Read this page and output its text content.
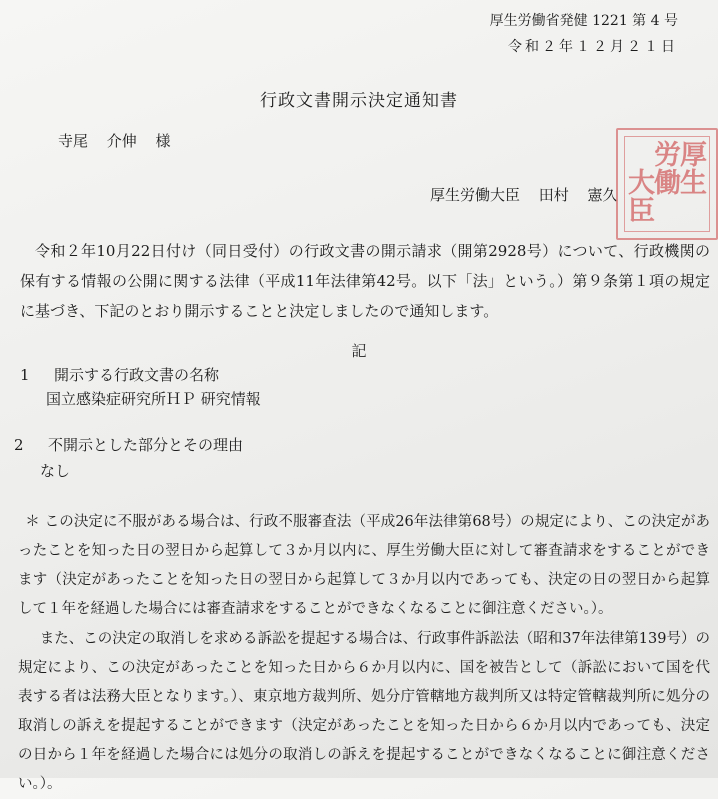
厚生労働省発健 1221 第 4 号
令和２年１２月２１日
行政文書開示決定通知書
寺尾 介伸 様
厚生労働大臣 田村 憲久
厚
生
労
働
大
臣
令和２年10月22日付け（同日受付）の行政文書の開示請求（開第2928号）について、行政機関の保有する情報の公開に関する法律（平成11年法律第42号。以下「法」という。）第９条第１項の規定に基づき、下記のとおり開示することと決定しましたので通知します。
記
1 開示する行政文書の名称
国立感染症研究所ＨＰ 研究情報
2 不開示とした部分とその理由
なし
＊ この決定に不服がある場合は、行政不服審査法（平成26年法律第68号）の規定により、この決定があったことを知った日の翌日から起算して３か月以内に、厚生労働大臣に対して審査請求をすることができます（決定があったことを知った日の翌日から起算して３か月以内であっても、決定の日の翌日から起算して１年を経過した場合には審査請求をすることができなくなることに御注意ください。）。
また、この決定の取消しを求める訴訟を提起する場合は、行政事件訴訟法（昭和37年法律第139号）の規定により、この決定があったことを知った日から６か月以内に、国を被告として（訴訟において国を代表する者は法務大臣となります。）、東京地方裁判所、処分庁管轄地方裁判所又は特定管轄裁判所に処分の取消しの訴えを提起することができます（決定があったことを知った日から６か月以内であっても、決定の日から１年を経過した場合には処分の取消しの訴えを提起することができなくなることに御注意ください。）。
